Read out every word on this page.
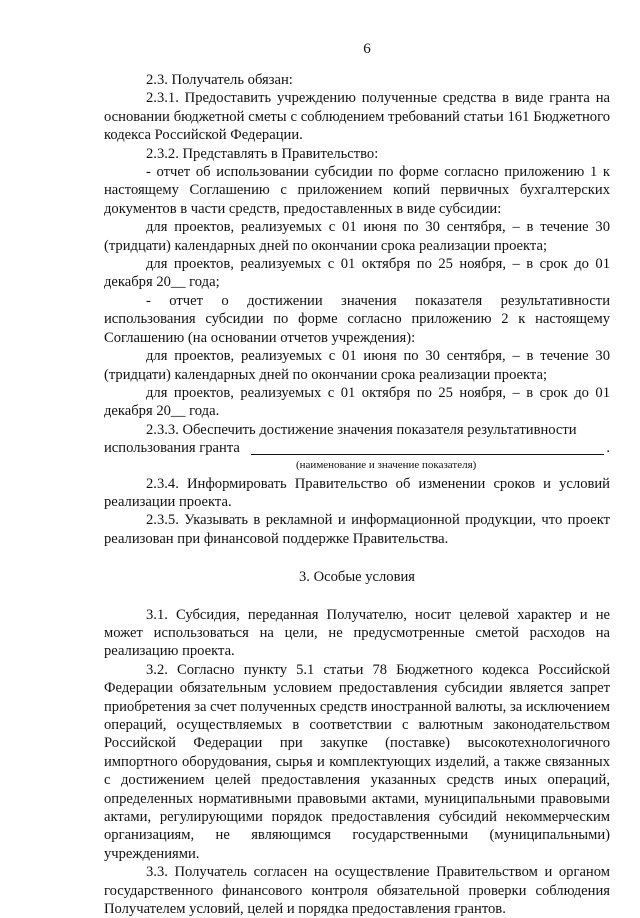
6

2.3. Получатель обязан:

2.3.1. Предоставить учреждению полученные средства в виде гранта на основании бюджетной сметы с соблюдением требований статьи 161 Бюджетного кодекса Российской Федерации.

2.3.2. Представлять в Правительство:

- отчет об использовании субсидии по форме согласно приложению 1 к настоящему Соглашению с приложением копий первичных бухгалтерских документов в части средств, предоставленных в виде субсидии:

для проектов, реализуемых с 01 июня по 30 сентября, – в течение 30 (тридцати) календарных дней по окончании срока реализации проекта;

для проектов, реализуемых с 01 октября по 25 ноября, – в срок до 01 декабря 20__ года;

- отчет о достижении значения показателя результативности использования субсидии по форме согласно приложению 2 к настоящему Соглашению (на основании отчетов учреждения):

для проектов, реализуемых с 01 июня по 30 сентября, – в течение 30 (тридцати) календарных дней по окончании срока реализации проекта;

для проектов, реализуемых с 01 октября по 25 ноября, – в срок до 01 декабря 20__ года.

2.3.3. Обеспечить достижение значения показателя результативности

использования гранта	.
(наименование и значение показателя)

2.3.4. Информировать Правительство об изменении сроков и условий реализации проекта.

2.3.5. Указывать в рекламной и информационной продукции, что проект реализован при финансовой поддержке Правительства.

3. Особые условия

3.1. Субсидия, переданная Получателю, носит целевой характер и не может использоваться на цели, не предусмотренные сметой расходов на реализацию проекта.

3.2. Согласно пункту 5.1 статьи 78 Бюджетного кодекса Российской Федерации обязательным условием предоставления субсидии является запрет приобретения за счет полученных средств иностранной валюты, за исключением операций, осуществляемых в соответствии с валютным законодательством Российской Федерации при закупке (поставке) высокотехнологичного импортного оборудования, сырья и комплектующих изделий, а также связанных с достижением целей предоставления указанных средств иных операций, определенных нормативными правовыми актами, муниципальными правовыми актами, регулирующими порядок предоставления субсидий некоммерческим организациям, не являющимся государственными (муниципальными) учреждениями.

3.3. Получатель согласен на осуществление Правительством и органом государственного финансового контроля обязательной проверки соблюдения Получателем условий, целей и порядка предоставления грантов.
